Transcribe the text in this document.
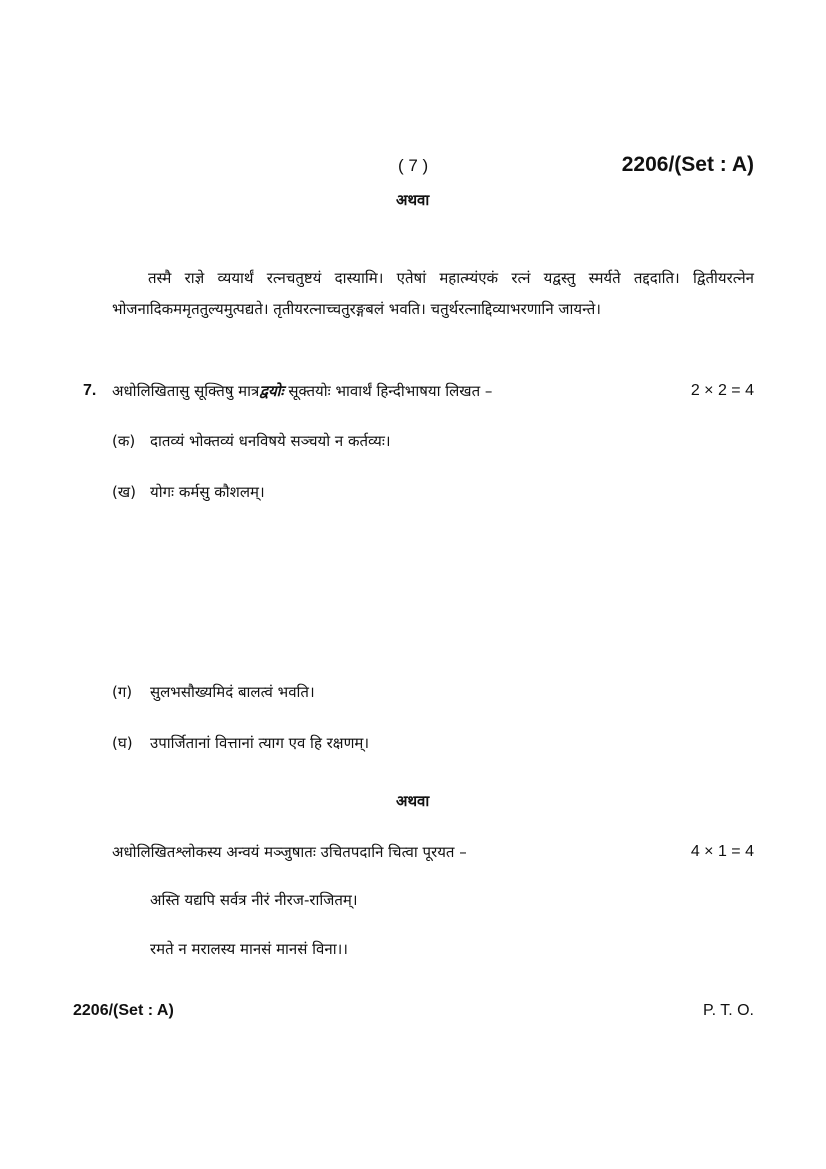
( 7 )	2206/(Set : A)
अथवा
तस्मै राज्ञे व्ययार्थं रत्नचतुष्टयं दास्यामि। एतेषां महात्म्यंएकं रत्नं यद्वस्तु स्मर्यते तद्ददाति। द्वितीयरत्नेन भोजनादिकममृततुल्यमुत्पद्यते। तृतीयरत्नाच्चतुरङ्गबलं भवति। चतुर्थरत्नाद्दिव्याभरणानि जायन्ते।
7. अधोलिखितासु सूक्तिषु मात्रद्वयोः सूक्तयोः भावार्थं हिन्दीभाषया लिखत –	2 × 2 = 4
(क) दातव्यं भोक्तव्यं धनविषये सञ्चयो न कर्तव्यः।
(ख) योगः कर्मसु कौशलम्।
(ग) सुलभसौख्यमिदं बालत्वं भवति।
(घ) उपार्जितानां वित्तानां त्याग एव हि रक्षणम्।
अथवा
अधोलिखितश्लोकस्य अन्वयं मञ्जुषातः उचितपदानि चित्वा पूरयत –	4 × 1 = 4
अस्ति यद्यपि सर्वत्र नीरं नीरज-राजितम्।
रमते न मरालस्य मानसं मानसं विना।।
2206/(Set : A)	P. T. O.
